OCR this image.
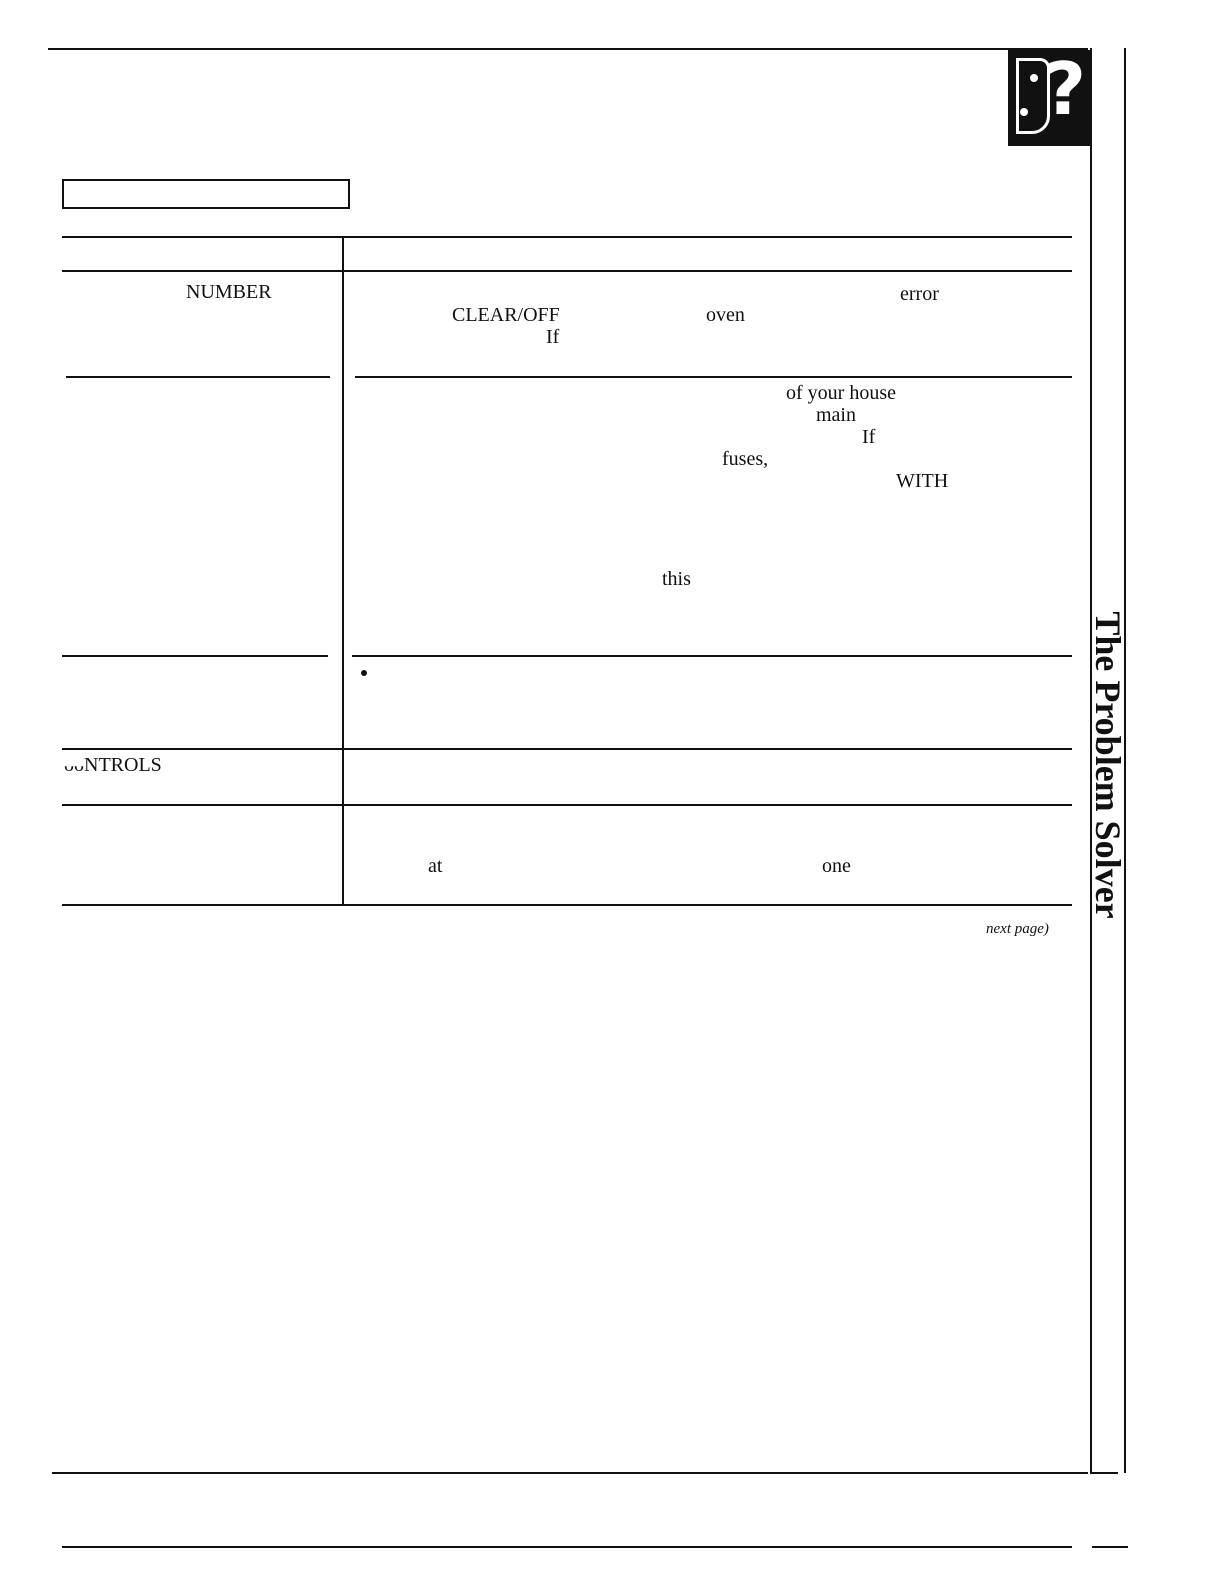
?
The Problem Solver
NUMBER
ᴗᴗNTROLS
error
CLEAR/OFF	oven
If
of your house
main
If
fuses,
WITH
this
at	one
next page)
